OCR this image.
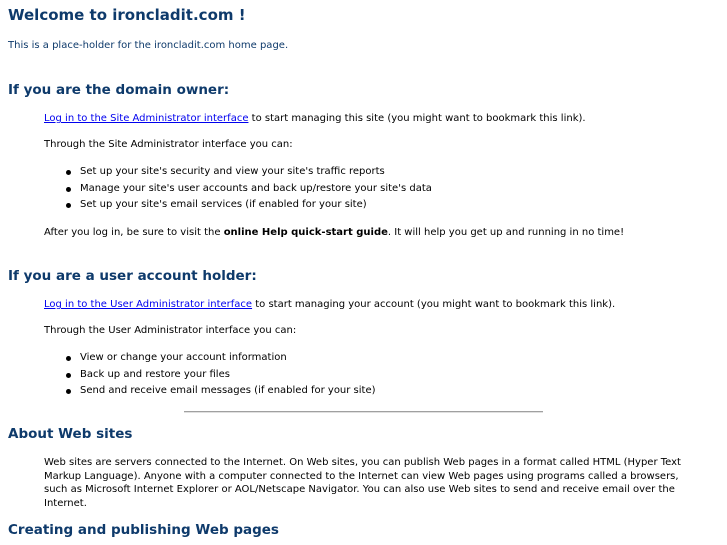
Welcome to ironcladit.com !

This is a place-holder for the ironcladit.com home page.

If you are the domain owner:

Log in to the Site Administrator interface to start managing this site (you might want to bookmark this link).

Through the Site Administrator interface you can:

Set up your site's security and view your site's traffic reports
Manage your site's user accounts and back up/restore your site's data
Set up your site's email services (if enabled for your site)

After you log in, be sure to visit the online Help quick-start guide. It will help you get up and running in no time!

If you are a user account holder:

Log in to the User Administrator interface to start managing your account (you might want to bookmark this link).

Through the User Administrator interface you can:

View or change your account information
Back up and restore your files
Send and receive email messages (if enabled for your site)
About Web sites

Web sites are servers connected to the Internet. On Web sites, you can publish Web pages in a format called HTML (Hyper Text Markup Language). Anyone with a computer connected to the Internet can view Web pages using programs called a browsers, such as Microsoft Internet Explorer or AOL/Netscape Navigator. You can also use Web sites to send and receive email over the Internet.

Creating and publishing Web pages
